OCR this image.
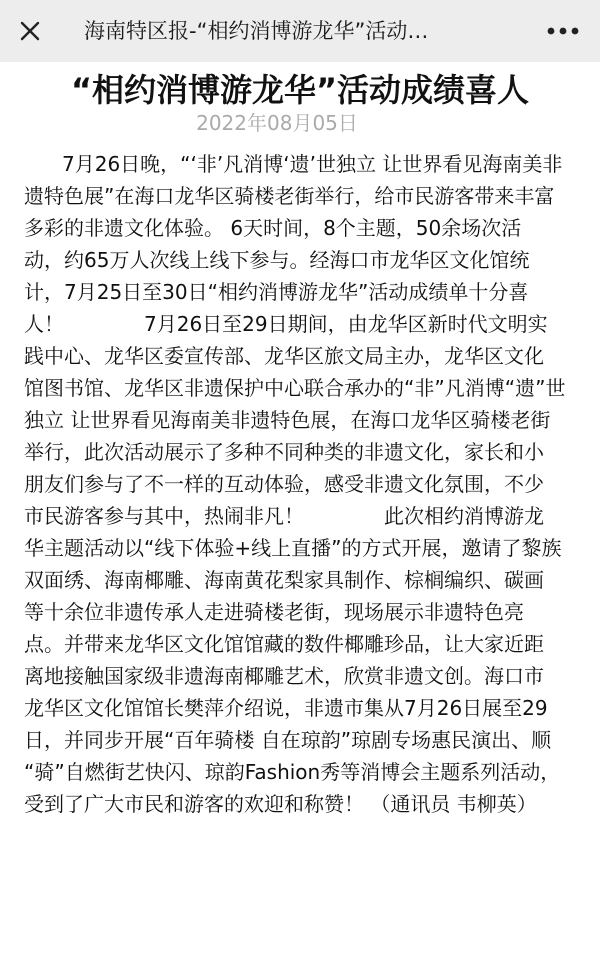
海南特区报-“相约消博游龙华”活动…
“相约消博游龙华”活动成绩喜人
2022年08月05日
7月26日晚，“‘非’凡消博‘遗’世独立 让世界看见海南美非
遗特色展”在海口龙华区骑楼老街举行，给市民游客带来丰富
多彩的非遗文化体验。 6天时间，8个主题，50余场次活
动，约65万人次线上线下参与。经海口市龙华区文化馆统
计，7月25日至30日“相约消博游龙华”活动成绩单十分喜
人！　　　　7月26日至29日期间，由龙华区新时代文明实
践中心、龙华区委宣传部、龙华区旅文局主办，龙华区文化
馆图书馆、龙华区非遗保护中心联合承办的“非”凡消博“遗”世
独立 让世界看见海南美非遗特色展，在海口龙华区骑楼老街
举行，此次活动展示了多种不同种类的非遗文化，家长和小
朋友们参与了不一样的互动体验，感受非遗文化氛围，不少
市民游客参与其中，热闹非凡！　　　　此次相约消博游龙
华主题活动以“线下体验+线上直播”的方式开展，邀请了黎族
双面绣、海南椰雕、海南黄花梨家具制作、棕榈编织、碳画
等十余位非遗传承人走进骑楼老街，现场展示非遗特色亮
点。并带来龙华区文化馆馆藏的数件椰雕珍品，让大家近距
离地接触国家级非遗海南椰雕艺术，欣赏非遗文创。海口市
龙华区文化馆馆长樊萍介绍说，非遗市集从7月26日展至29
日，并同步开展“百年骑楼 自在琼韵”琼剧专场惠民演出、顺
“骑”自燃街艺快闪、琼韵Fashion秀等消博会主题系列活动，
受到了广大市民和游客的欢迎和称赞！ （通讯员 韦柳英）
